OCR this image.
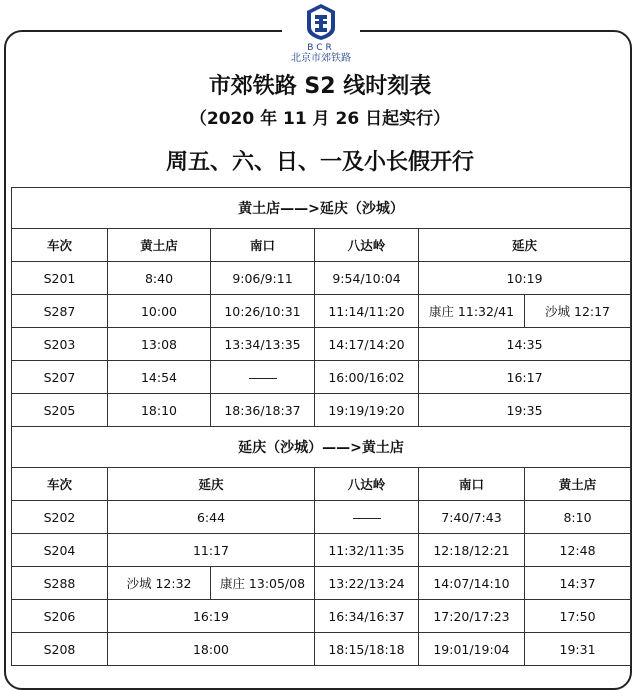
BCR
北京市郊铁路
市郊铁路 S2 线时刻表
（2020 年 11 月 26 日起实行）
周五、六、日、一及小长假开行
黄土店——>延庆（沙城）					
车次	黄土店	南口	八达岭	延庆	
S201	8:40	9:06/9:11	9:54/10:04	10:19	
S287	10:00	10:26/10:31	11:14/11:20	康庄 11:32/41	沙城 12:17
S203	13:08	13:34/13:35	14:17/14:20	14:35	
S207	14:54		16:00/16:02	16:17	
S205	18:10	18:36/18:37	19:19/19:20	19:35	
延庆（沙城）——>黄土店					
车次	延庆		八达岭	南口	黄土店
S202	6:44			7:40/7:43	8:10
S204	11:17		11:32/11:35	12:18/12:21	12:48
S288	沙城 12:32	康庄 13:05/08	13:22/13:24	14:07/14:10	14:37
S206	16:19		16:34/16:37	17:20/17:23	17:50
S208	18:00		18:15/18:18	19:01/19:04	19:31
